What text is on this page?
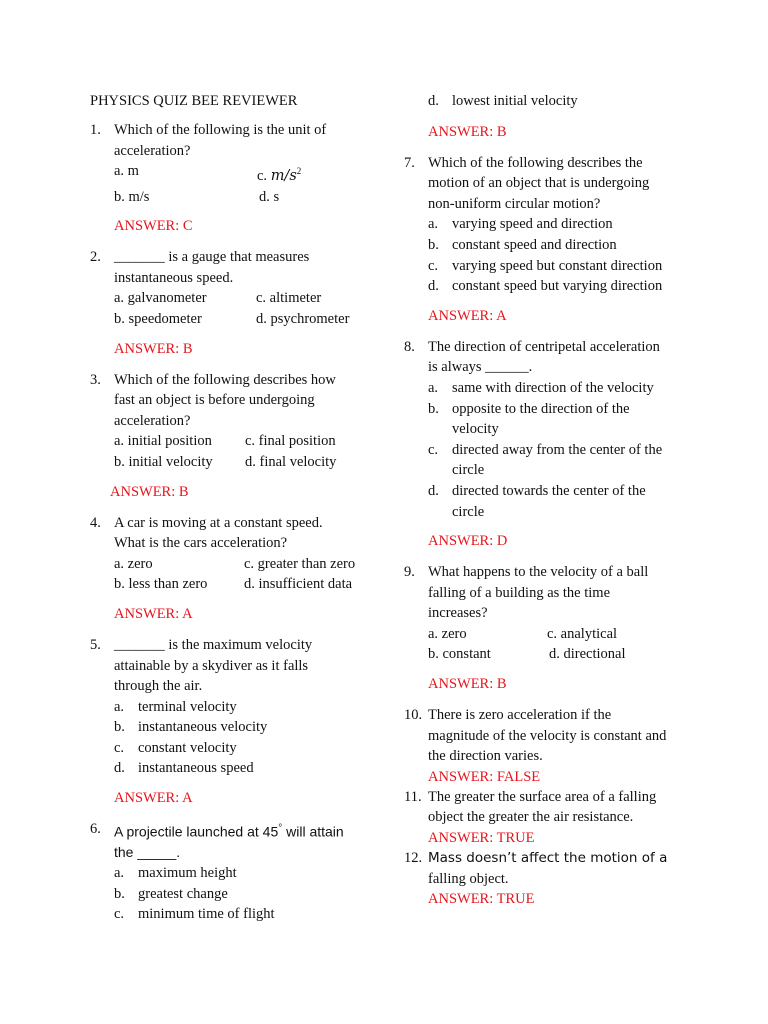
PHYSICS QUIZ BEE REVIEWER
1. Which of the following is the unit of
acceleration?
a. m	c. $m/s^2$
b. m/s	d. s
ANSWER: C
2. _______ is a gauge that measures
instantaneous speed.
a. galvanometer	c. altimeter
b. speedometer	d. psychrometer
ANSWER: B
3. Which of the following describes how
fast an object is before undergoing
acceleration?
a. initial position	c. final position
b. initial velocity	d. final velocity
ANSWER: B
4. A car is moving at a constant speed.
What is the cars acceleration?
a. zero	c. greater than zero
b. less than zero	d. insufficient data
ANSWER: A
5. _______ is the maximum velocity
attainable by a skydiver as it falls
through the air.
a. terminal velocity
b. instantaneous velocity
c. constant velocity
d. instantaneous speed
ANSWER: A
6. A projectile launched at 45° will attain
the _____.
a. maximum height
b. greatest change
c. minimum time of flight
d. lowest initial velocity
ANSWER: B
7. Which of the following describes the
motion of an object that is undergoing
non-uniform circular motion?
a. varying speed and direction
b. constant speed and direction
c. varying speed but constant direction
d. constant speed but varying direction
ANSWER: A
8. The direction of centripetal acceleration
is always ______.
a. same with direction of the velocity
b. opposite to the direction of the
velocity
c. directed away from the center of the
circle
d. directed towards the center of the
circle
ANSWER: D
9. What happens to the velocity of a ball
falling of a building as the time
increases?
a. zero	c. analytical
b. constant	d. directional
ANSWER: B
10. There is zero acceleration if the
magnitude of the velocity is constant and
the direction varies.
ANSWER: FALSE
11. The greater the surface area of a falling
object the greater the air resistance.
ANSWER: TRUE
12. Mass doesn’t affect the motion of a
falling object.
ANSWER: TRUE
